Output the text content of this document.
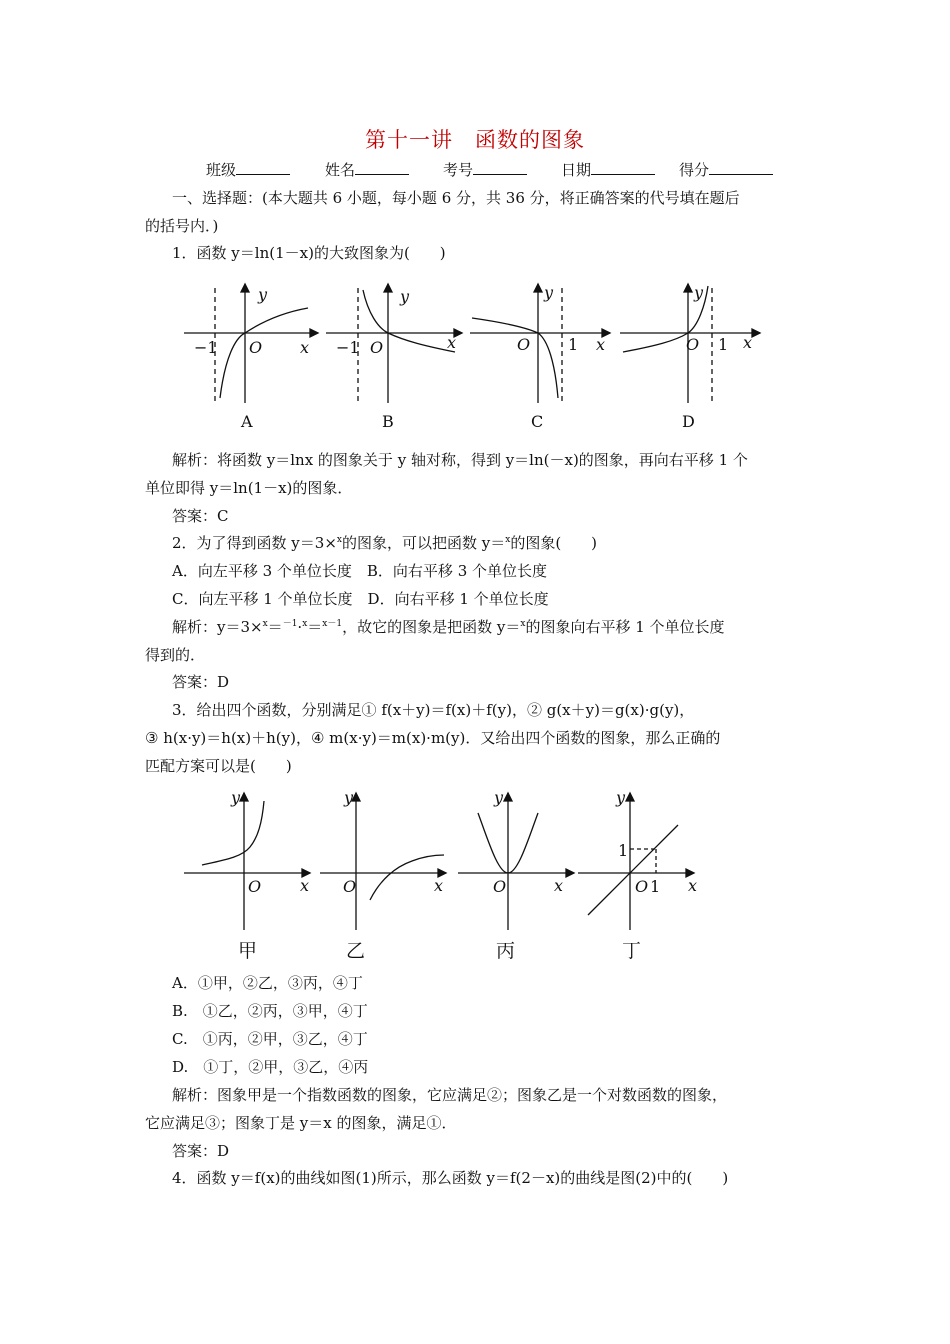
第十一讲　函数的图象
班级	姓名	考号	日期	得分
一、选择题：(本大题共 6 小题，每小题 6 分，共 36 分，将正确答案的代号填在题后
的括号内．)
1．函数 y＝ln(1－x)的大致图象为(　　)
y
x
O
−1
y
x
O
−1
y
x
O 1
y
x
O 1
A	B	C	D
解析：将函数 y＝lnx 的图象关于 y 轴对称，得到 y＝ln(－x)的图象，再向右平移 1 个
单位即得 y＝ln(1－x)的图象．
答案：C
2．为了得到函数 y＝3×$^x$的图象，可以把函数 y＝$^x$的图象(　　)
A．向左平移 3 个单位长度　B．向右平移 3 个单位长度
C．向左平移 1 个单位长度　D．向右平移 1 个单位长度
解析：y＝3×$^x$＝$^{-1}$·$^x$＝$^{x-1}$，故它的图象是把函数 y＝$^x$的图象向右平移 1 个单位长度
得到的．
答案：D
3．给出四个函数，分别满足① f(x＋y)＝f(x)＋f(y)，② g(x＋y)＝g(x)·g(y)，
③ h(x·y)＝h(x)＋h(y)，④ m(x·y)＝m(x)·m(y)．又给出四个函数的图象，那么正确的
匹配方案可以是(　　)
y
x
O
y
x
O
y
x
O
y
x
O
1
1
甲	乙	丙	丁
A．①甲，②乙，③丙，④丁
B.　①乙，②丙，③甲，④丁
C.　①丙，②甲，③乙，④丁
D.　①丁，②甲，③乙，④丙
解析：图象甲是一个指数函数的图象，它应满足②；图象乙是一个对数函数的图象，
它应满足③；图象丁是 y＝x 的图象，满足①．
答案：D
4．函数 y＝f(x)的曲线如图(1)所示，那么函数 y＝f(2－x)的曲线是图(2)中的(　　)
